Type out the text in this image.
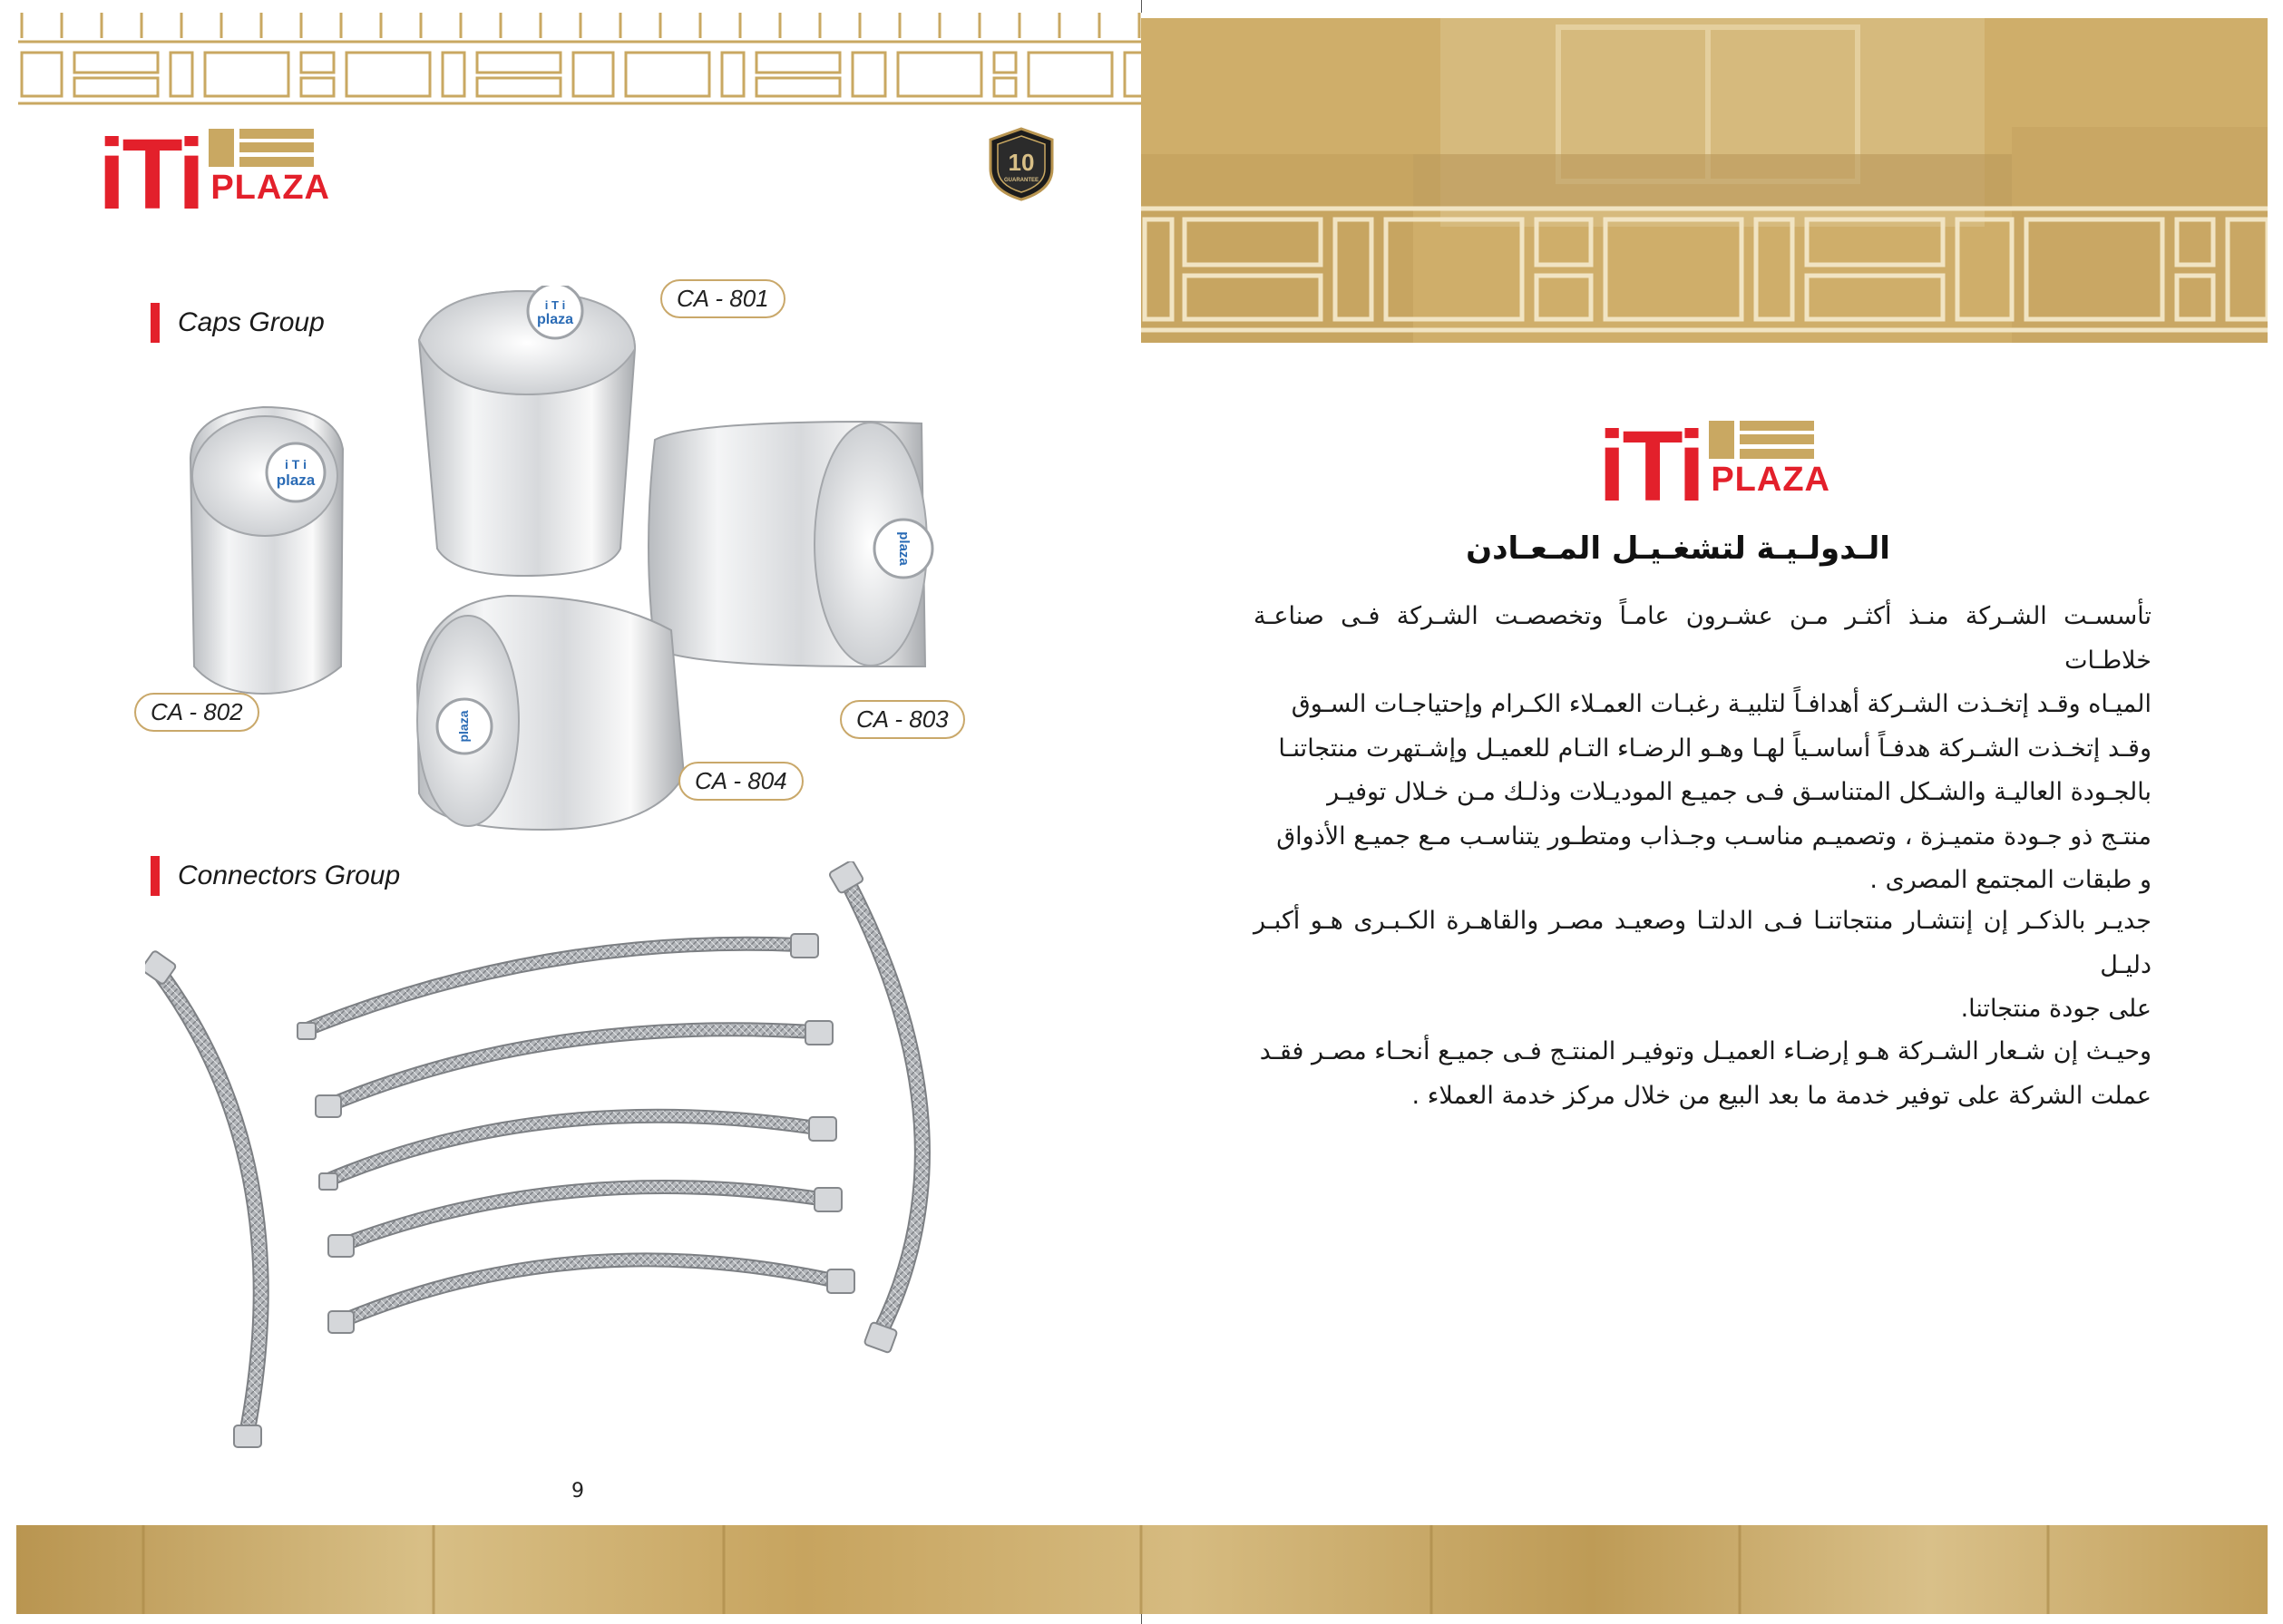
iTi PLAZA
10
GUARANTEE
Caps Group
i T i
plaza
i T i
plaza
plaza
plaza
CA - 801
CA - 802	CA - 803
CA - 804
Connectors Group
9
iTi PLAZA
الـدولـيـة لتشغـيـل المـعـادن
تأسسـت الشـركة منـذ أكثـر مـن عشـرون عامـاً وتخصصـت الشـركة فـى صناعـة خلاطـات
الميـاه وقـد إتخـذت الشـركة أهدافـاً لتلبيـة رغبـات العمـلاء الكـرام وإحتياجـات السـوق
وقـد إتخـذت الشـركة هدفـاً أساسـياً لهـا وهـو الرضـاء التـام للعميـل وإشـتهرت منتجاتنـا
بالجـودة العاليـة والشـكل المتناسـق فـى جميـع الموديـلات وذلـك مـن خـلال توفيـر
منتـج ذو جـودة متميـزة ، وتصميـم مناسـب وجـذاب ومتطـور يتناسـب مـع جميـع الأذواق
و طبقات المجتمع المصرى .
جديـر بالذكـر إن إنتشـار منتجاتنـا فـى الدلتـا وصعيـد مصـر والقاهـرة الكـبـرى هـو أكبـر دليـل
على جودة منتجاتنا.
وحيـث إن شـعار الشـركة هـو إرضـاء العميـل وتوفيـر المنتـج فـى جميـع أنحـاء مصـر فقـد
عملت الشركة على توفير خدمة ما بعد البيع من خلال مركز خدمة العملاء .
